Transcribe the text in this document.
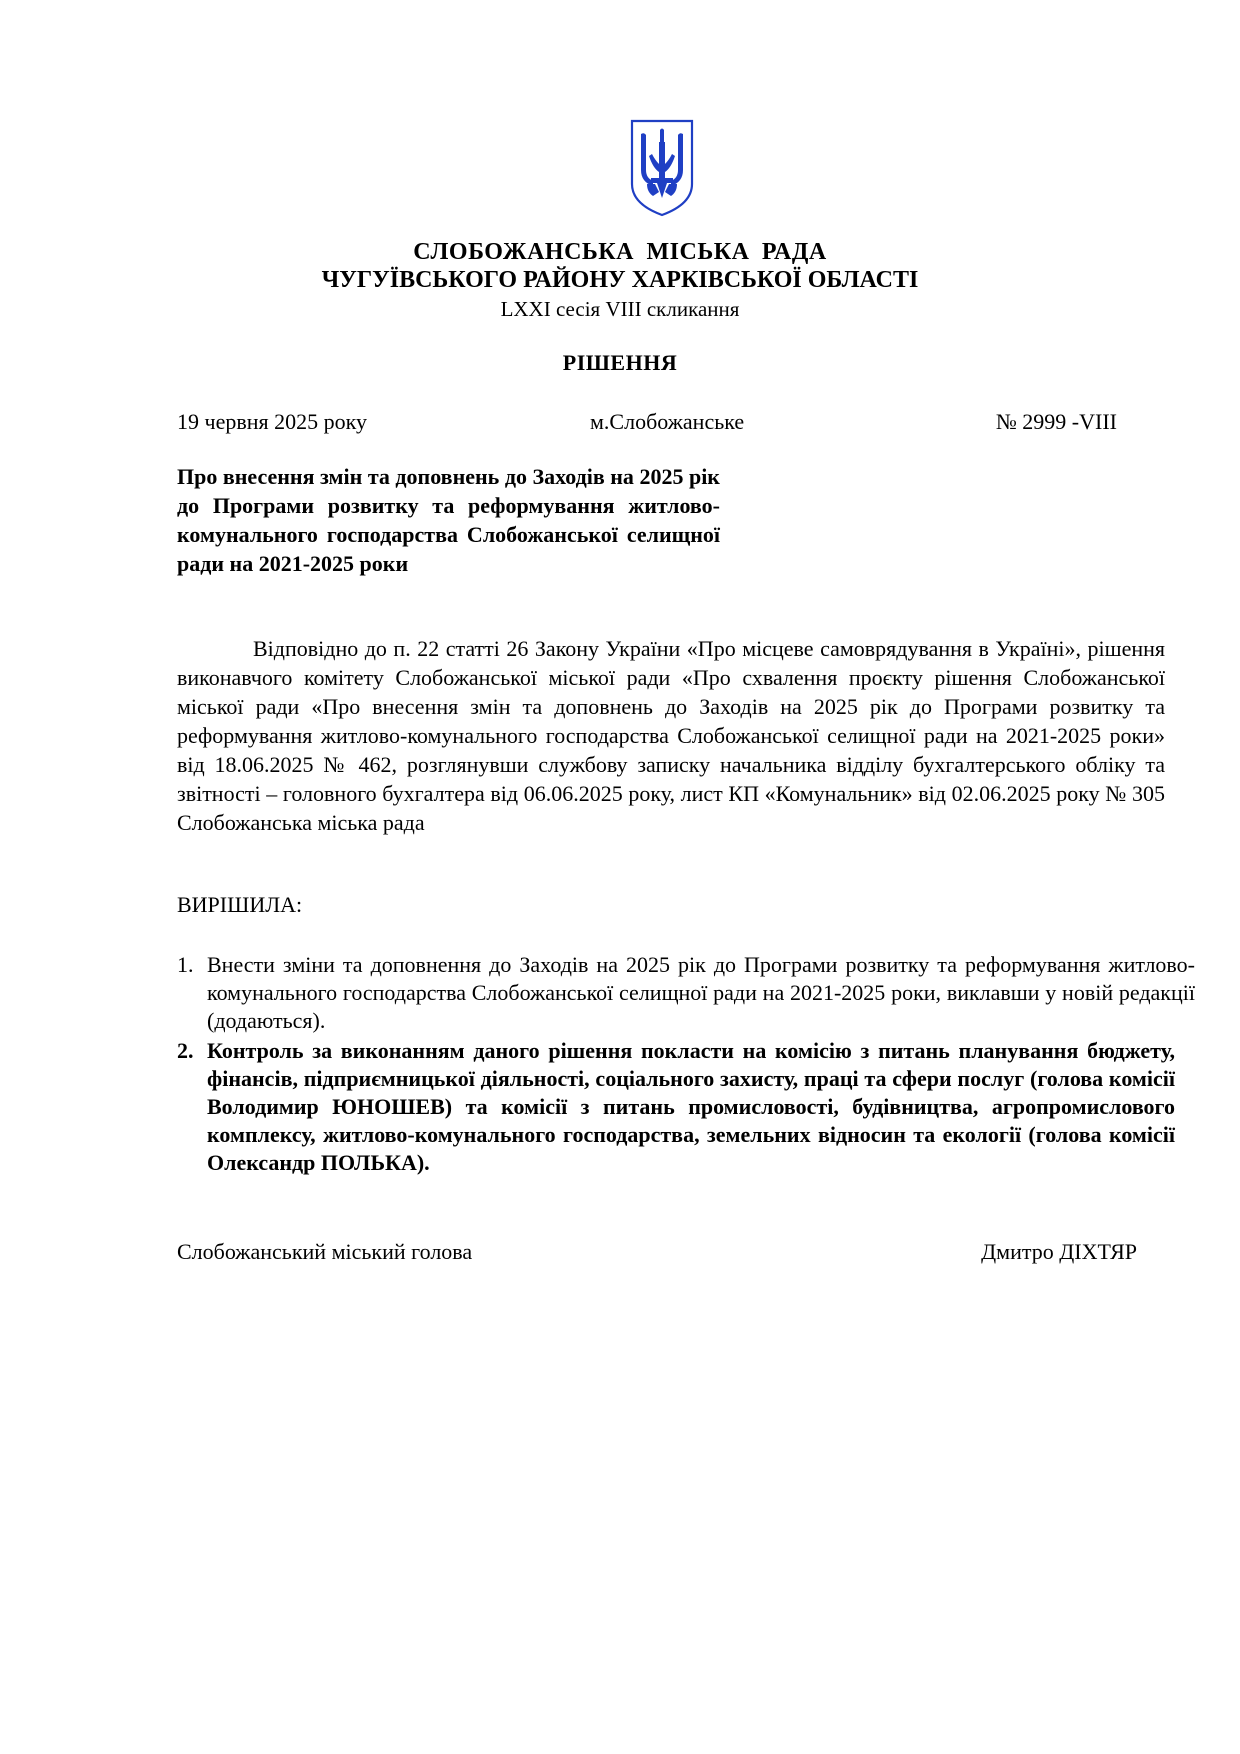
СЛОБОЖАНСЬКА МІСЬКА РАДА
ЧУГУЇВСЬКОГО РАЙОНУ ХАРКІВСЬКОЇ ОБЛАСТІ
LXXI сесія VIII скликання
РІШЕННЯ
19 червня 2025 року	м.Слобожанське	№ 2999 -VIII
Про внесення змін та доповнень до Заходів на 2025 рік до Програми розвитку та реформування житлово-комунального господарства Слобожанської селищної ради на 2021-2025 роки
Відповідно до п. 22 статті 26 Закону України «Про місцеве самоврядування в Україні», рішення виконавчого комітету Слобожанської міської ради «Про схвалення проєкту рішення Слобожанської міської ради «Про внесення змін та доповнень до Заходів на 2025 рік до Програми розвитку та реформування житлово-комунального господарства Слобожанської селищної ради на 2021-2025 роки» від 18.06.2025 № 462, розглянувши службову записку начальника відділу бухгалтерського обліку та звітності – головного бухгалтера від 06.06.2025 року, лист КП «Комунальник» від 02.06.2025 року № 305 Слобожанська міська рада
ВИРІШИЛА:
1. Внести зміни та доповнення до Заходів на 2025 рік до Програми розвитку та реформування житлово-комунального господарства Слобожанської селищної ради на 2021-2025 роки, виклавши у новій редакції (додаються).
2. Контроль за виконанням даного рішення покласти на комісію з питань планування бюджету, фінансів, підприємницької діяльності, соціального захисту, праці та сфери послуг (голова комісії Володимир ЮНОШЕВ) та комісії з питань промисловості, будівництва, агропромислового комплексу, житлово-комунального господарства, земельних відносин та екології (голова комісії Олександр ПОЛЬКА).
Слобожанський міський голова	Дмитро ДІХТЯР
